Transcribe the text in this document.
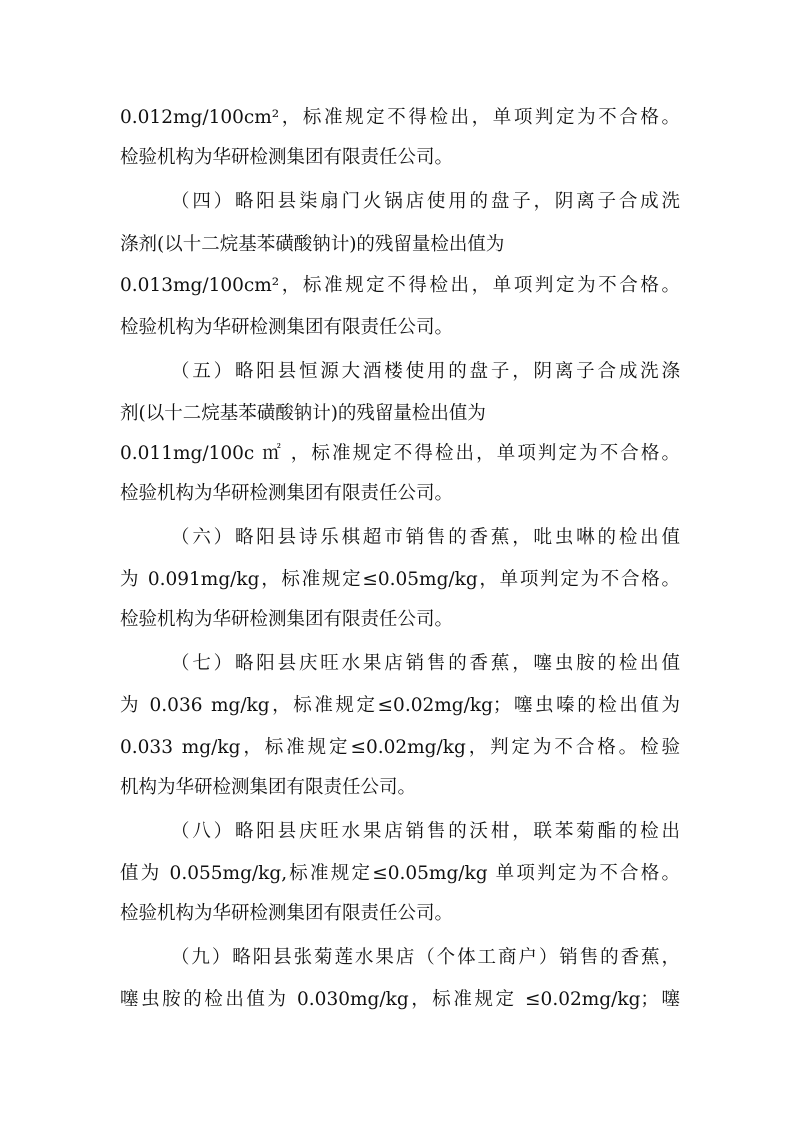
0.012mg/100cm²，标准规定不得检出，单项判定为不合格。
检验机构为华研检测集团有限责任公司。
（四）略阳县柒扇门火锅店使用的盘子，阴离子合成洗
涤剂(以十二烷基苯磺酸钠计)的残留量检出值为
0.013mg/100cm²，标准规定不得检出，单项判定为不合格。
检验机构为华研检测集团有限责任公司。
（五）略阳县恒源大酒楼使用的盘子，阴离子合成洗涤
剂(以十二烷基苯磺酸钠计)的残留量检出值为
0.011mg/100c ㎡ ，标准规定不得检出，单项判定为不合格。
检验机构为华研检测集团有限责任公司。
（六）略阳县诗乐棋超市销售的香蕉，吡虫啉的检出值
为 0.091mg/kg，标准规定≤0.05mg/kg，单项判定为不合格。
检验机构为华研检测集团有限责任公司。
（七）略阳县庆旺水果店销售的香蕉，噻虫胺的检出值
为 0.036 mg/kg，标准规定≤0.02mg/kg；噻虫嗪的检出值为
0.033 mg/kg，标准规定≤0.02mg/kg，判定为不合格。检验
机构为华研检测集团有限责任公司。
（八）略阳县庆旺水果店销售的沃柑，联苯菊酯的检出
值为 0.055mg/kg,标准规定≤0.05mg/kg 单项判定为不合格。
检验机构为华研检测集团有限责任公司。
（九）略阳县张菊莲水果店（个体工商户）销售的香蕉，
噻虫胺的检出值为 0.030mg/kg，标准规定 ≤0.02mg/kg；噻
